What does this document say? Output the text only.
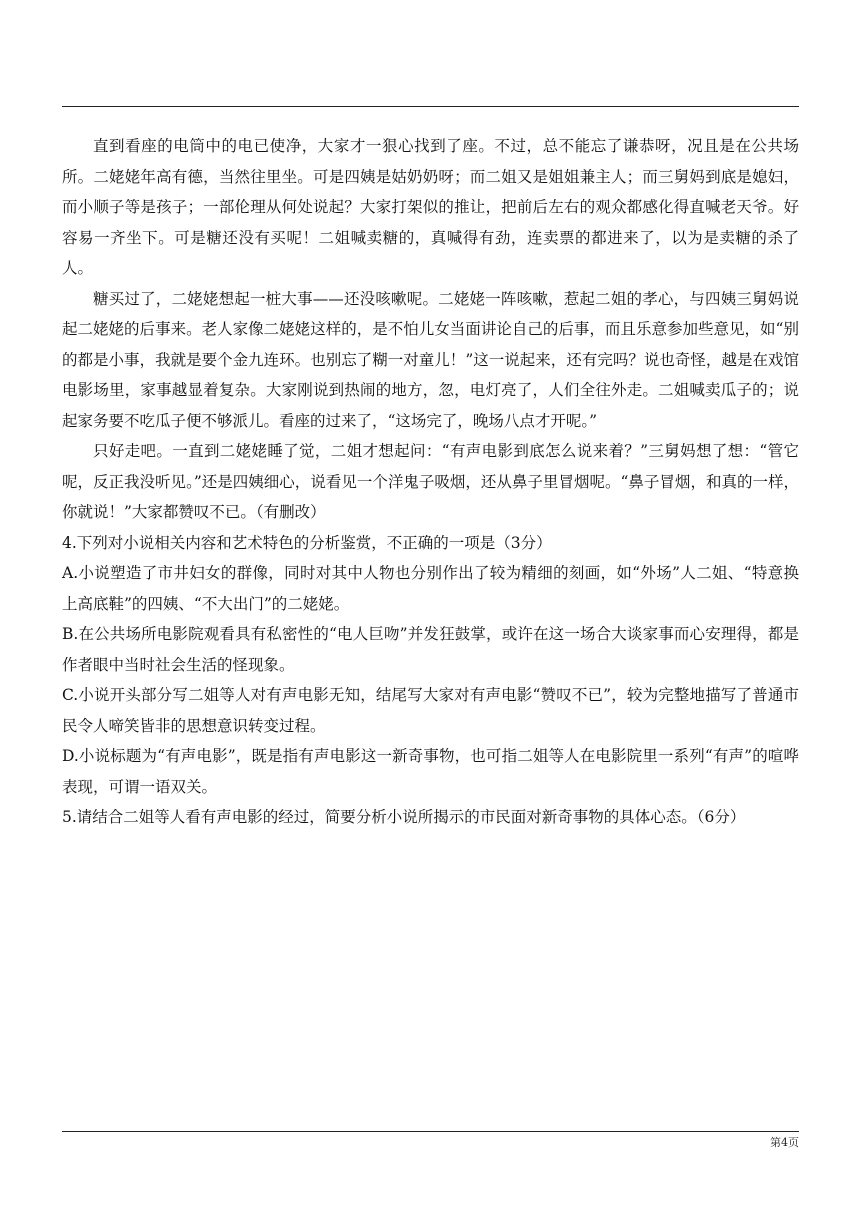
直到看座的电筒中的电已使净，大家才一狠心找到了座。不过，总不能忘了谦恭呀，况且是在公共场所。二姥姥年高有德，当然往里坐。可是四姨是姑奶奶呀；而二姐又是姐姐兼主人；而三舅妈到底是媳妇，而小顺子等是孩子；一部伦理从何处说起？大家打架似的推让，把前后左右的观众都感化得直喊老天爷。好容易一齐坐下。可是糖还没有买呢！二姐喊卖糖的，真喊得有劲，连卖票的都进来了，以为是卖糖的杀了人。

糖买过了，二姥姥想起一桩大事——还没咳嗽呢。二姥姥一阵咳嗽，惹起二姐的孝心，与四姨三舅妈说起二姥姥的后事来。老人家像二姥姥这样的，是不怕儿女当面讲论自己的后事，而且乐意参加些意见，如“别的都是小事，我就是要个金九连环。也别忘了糊一对童儿！”这一说起来，还有完吗？说也奇怪，越是在戏馆电影场里，家事越显着复杂。大家刚说到热闹的地方，忽，电灯亮了，人们全往外走。二姐喊卖瓜子的；说起家务要不吃瓜子便不够派儿。看座的过来了，“这场完了，晚场八点才开呢。”

只好走吧。一直到二姥姥睡了觉，二姐才想起问：“有声电影到底怎么说来着？”三舅妈想了想：“管它呢，反正我没听见。”还是四姨细心，说看见一个洋鬼子吸烟，还从鼻子里冒烟呢。“鼻子冒烟，和真的一样，你就说！”大家都赞叹不已。（有删改）

4.下列对小说相关内容和艺术特色的分析鉴赏，不正确的一项是（3分）

A.小说塑造了市井妇女的群像，同时对其中人物也分别作出了较为精细的刻画，如“外场”人二姐、“特意换上高底鞋”的四姨、“不大出门”的二姥姥。

B.在公共场所电影院观看具有私密性的“电人巨吻”并发狂鼓掌，或许在这一场合大谈家事而心安理得，都是作者眼中当时社会生活的怪现象。

C.小说开头部分写二姐等人对有声电影无知，结尾写大家对有声电影“赞叹不已”，较为完整地描写了普通市民令人啼笑皆非的思想意识转变过程。

D.小说标题为“有声电影”，既是指有声电影这一新奇事物，也可指二姐等人在电影院里一系列“有声”的喧哗表现，可谓一语双关。

5.请结合二姐等人看有声电影的经过，简要分析小说所揭示的市民面对新奇事物的具体心态。（6分）

第4页
